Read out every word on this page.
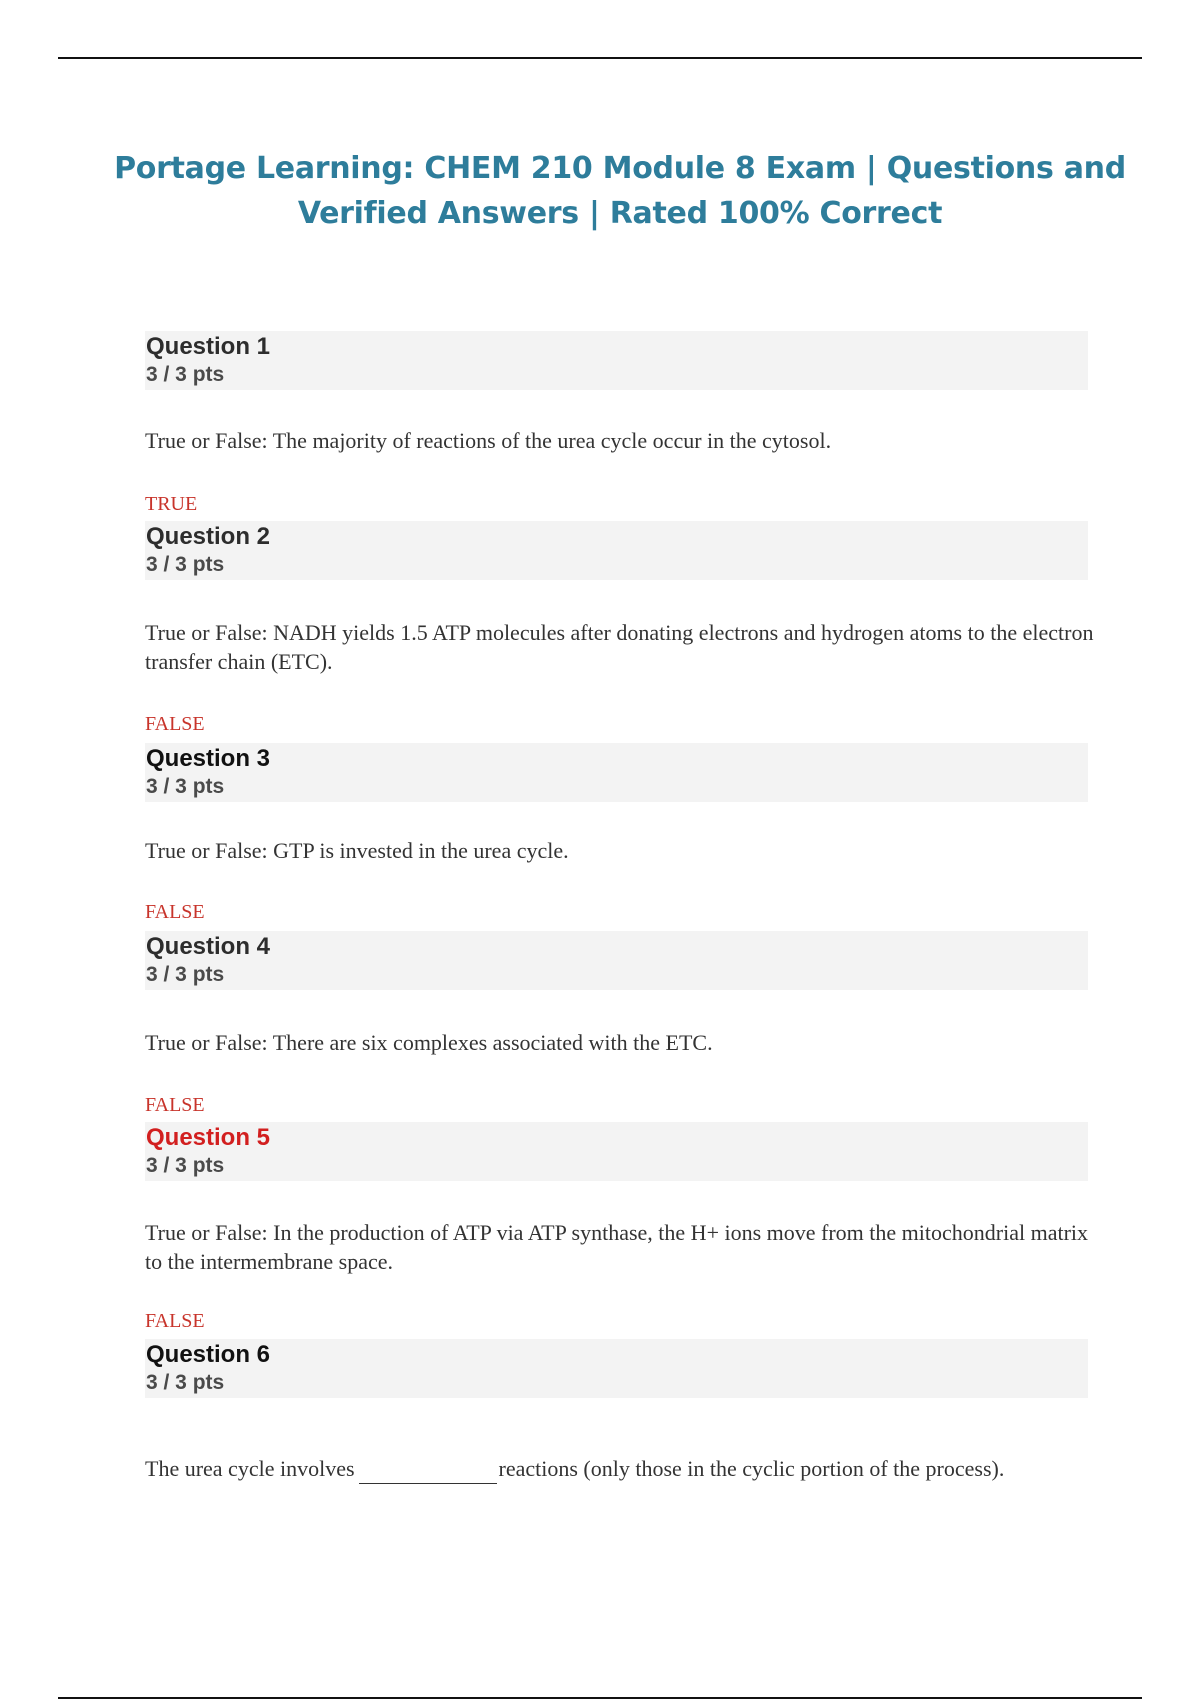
Portage Learning: CHEM 210 Module 8 Exam | Questions and
Verified Answers | Rated 100% Correct
Question 1
3 / 3 pts
True or False: The majority of reactions of the urea cycle occur in the cytosol.
TRUE
Question 2
3 / 3 pts
True or False: NADH yields 1.5 ATP molecules after donating electrons and hydrogen atoms to the electron transfer chain (ETC).
FALSE
Question 3
3 / 3 pts
True or False: GTP is invested in the urea cycle.
FALSE
Question 4
3 / 3 pts
True or False: There are six complexes associated with the ETC.
FALSE
Question 5
3 / 3 pts
True or False: In the production of ATP via ATP synthase, the H+ ions move from the mitochondrial matrix to the intermembrane space.
FALSE
Question 6
3 / 3 pts
The urea cycle involves	reactions (only those in the cyclic portion of the process).
